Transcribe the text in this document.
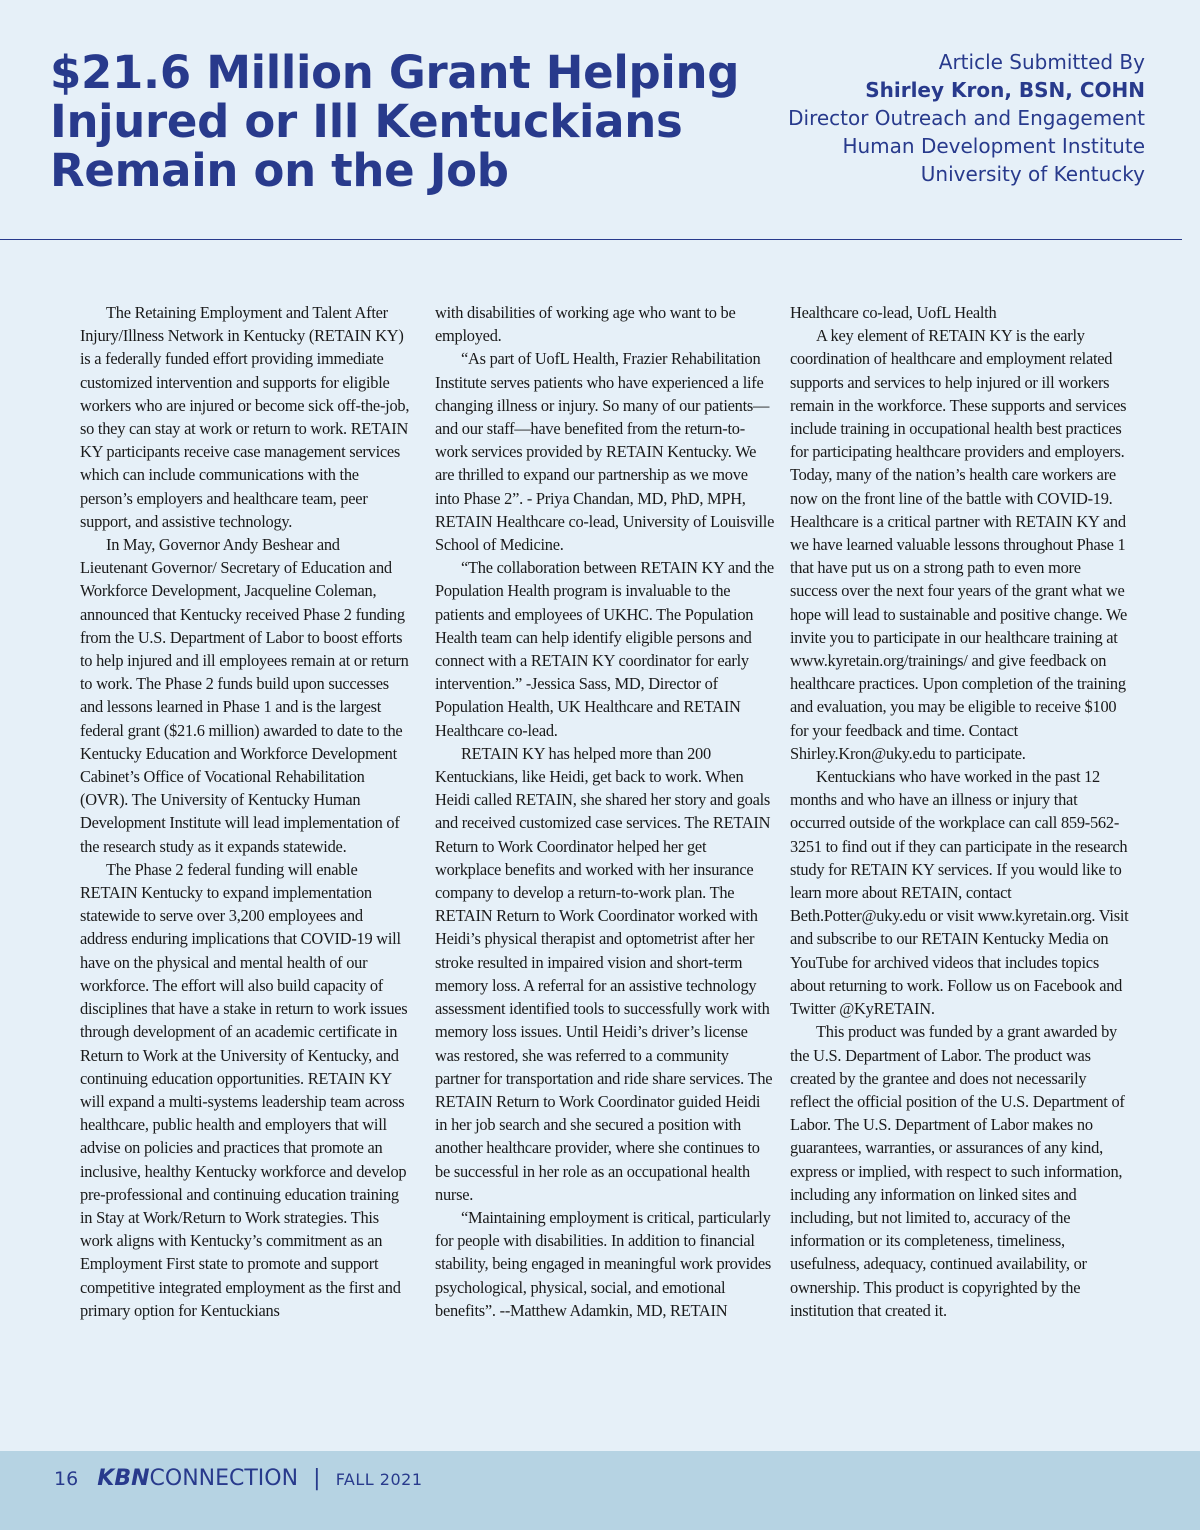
$21.6 Million Grant Helping
Injured or Ill Kentuckians
Remain on the Job
Article Submitted By
Shirley Kron, BSN, COHN
Director Outreach and Engagement
Human Development Institute
University of Kentucky

The Retaining Employment and Talent After Injury/Illness Network in Kentucky (RETAIN KY) is a federally funded effort providing immediate customized intervention and supports for eligible workers who are injured or become sick off-the-job, so they can stay at work or return to work. RETAIN KY participants receive case management services which can include communications with the person’s employers and healthcare team, peer support, and assistive technology.

In May, Governor Andy Beshear and Lieutenant Governor/ Secretary of Education and Workforce Development, Jacqueline Coleman, announced that Kentucky received Phase 2 funding from the U.S. Department of Labor to boost efforts to help injured and ill employees remain at or return to work. The Phase 2 funds build upon successes and lessons learned in Phase 1 and is the largest federal grant ($21.6 million) awarded to date to the Kentucky Education and Workforce Development Cabinet’s Office of Vocational Rehabilitation (OVR). The University of Kentucky Human Development Institute will lead implementation of the research study as it expands statewide.

The Phase 2 federal funding will enable RETAIN Kentucky to expand implementation statewide to serve over 3,200 employees and address enduring implications that COVID-19 will have on the physical and mental health of our workforce. The effort will also build capacity of disciplines that have a stake in return to work issues through development of an academic certificate in Return to Work at the University of Kentucky, and continuing education opportunities. RETAIN KY will expand a multi-systems leadership team across healthcare, public health and employers that will advise on policies and practices that promote an inclusive, healthy Kentucky workforce and develop pre-professional and continuing education training in Stay at Work/Return to Work strategies. This work aligns with Kentucky’s commitment as an Employment First state to promote and support competitive integrated employment as the first and primary option for Kentuckians

with disabilities of working age who want to be employed.

“As part of UofL Health, Frazier Rehabilitation Institute serves patients who have experienced a life changing illness or injury. So many of our patients—and our staff—have benefited from the return-to-work services provided by RETAIN Kentucky. We are thrilled to expand our partnership as we move into Phase 2”. - Priya Chandan, MD, PhD, MPH, RETAIN Healthcare co-lead, University of Louisville School of Medicine.

“The collaboration between RETAIN KY and the Population Health program is invaluable to the patients and employees of UKHC. The Population Health team can help identify eligible persons and connect with a RETAIN KY coordinator for early intervention.” -Jessica Sass, MD, Director of Population Health, UK Healthcare and RETAIN Healthcare co-lead.

RETAIN KY has helped more than 200 Kentuckians, like Heidi, get back to work. When Heidi called RETAIN, she shared her story and goals and received customized case services. The RETAIN Return to Work Coordinator helped her get workplace benefits and worked with her insurance company to develop a return-to-work plan. The RETAIN Return to Work Coordinator worked with Heidi’s physical therapist and optometrist after her stroke resulted in impaired vision and short-term memory loss. A referral for an assistive technology assessment identified tools to successfully work with memory loss issues. Until Heidi’s driver’s license was restored, she was referred to a community partner for transportation and ride share services. The RETAIN Return to Work Coordinator guided Heidi in her job search and she secured a position with another healthcare provider, where she continues to be successful in her role as an occupational health nurse.

“Maintaining employment is critical, particularly for people with disabilities. In addition to financial stability, being engaged in meaningful work provides psychological, physical, social, and emotional benefits”. --Matthew Adamkin, MD, RETAIN

Healthcare co-lead, UofL Health

A key element of RETAIN KY is the early coordination of healthcare and employment related supports and services to help injured or ill workers remain in the workforce. These supports and services include training in occupational health best practices for participating healthcare providers and employers. Today, many of the nation’s health care workers are now on the front line of the battle with COVID-19. Healthcare is a critical partner with RETAIN KY and we have learned valuable lessons throughout Phase 1 that have put us on a strong path to even more success over the next four years of the grant what we hope will lead to sustainable and positive change. We invite you to participate in our healthcare training at www.kyretain.org/trainings/ and give feedback on healthcare practices. Upon completion of the training and evaluation, you may be eligible to receive $100 for your feedback and time. Contact Shirley.Kron@uky.edu to participate.

Kentuckians who have worked in the past 12 months and who have an illness or injury that occurred outside of the workplace can call 859-562-3251 to find out if they can participate in the research study for RETAIN KY services. If you would like to learn more about RETAIN, contact Beth.Potter@uky.edu or visit www.kyretain.org. Visit and subscribe to our RETAIN Kentucky Media on YouTube for archived videos that includes topics about returning to work. Follow us on Facebook and Twitter @KyRETAIN.

This product was funded by a grant awarded by the U.S. Department of Labor. The product was created by the grantee and does not necessarily reflect the official position of the U.S. Department of Labor. The U.S. Department of Labor makes no guarantees, warranties, or assurances of any kind, express or implied, with respect to such information, including any information on linked sites and including, but not limited to, accuracy of the information or its completeness, timeliness, usefulness, adequacy, continued availability, or ownership. This product is copyrighted by the institution that created it.

16 KBNCONNECTION | FALL 2021
